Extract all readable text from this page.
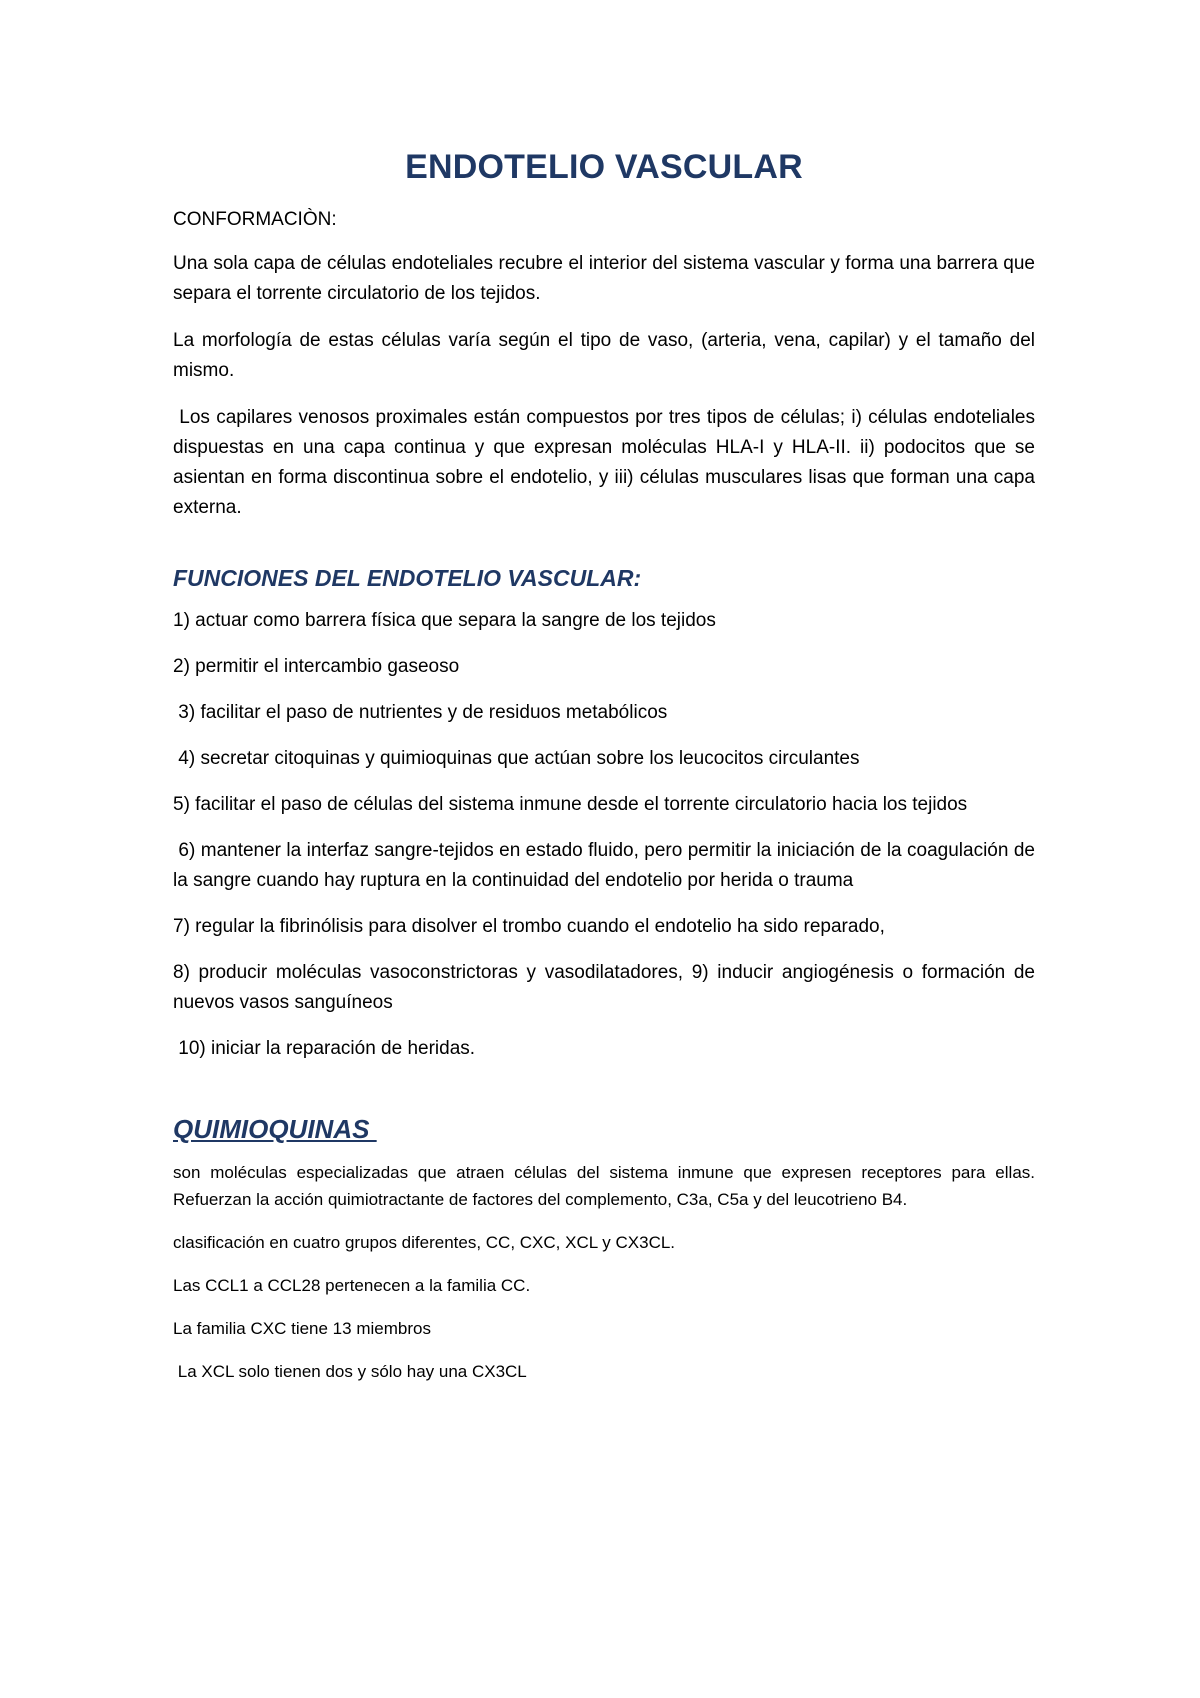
ENDOTELIO VASCULAR
CONFORMACIÒN:

Una sola capa de células endoteliales recubre el interior del sistema vascular y forma una barrera que separa el torrente circulatorio de los tejidos.

La morfología de estas células varía según el tipo de vaso, (arteria, vena, capilar) y el tamaño del mismo.

Los capilares venosos proximales están compuestos por tres tipos de células; i) células endoteliales dispuestas en una capa continua y que expresan moléculas HLA-I y HLA-II. ii) podocitos que se asientan en forma discontinua sobre el endotelio, y iii) células musculares lisas que forman una capa externa.

FUNCIONES DEL ENDOTELIO VASCULAR:

1) actuar como barrera física que separa la sangre de los tejidos

2) permitir el intercambio gaseoso

3) facilitar el paso de nutrientes y de residuos metabólicos

4) secretar citoquinas y quimioquinas que actúan sobre los leucocitos circulantes

5) facilitar el paso de células del sistema inmune desde el torrente circulatorio hacia los tejidos

6) mantener la interfaz sangre-tejidos en estado fluido, pero permitir la iniciación de la coagulación de la sangre cuando hay ruptura en la continuidad del endotelio por herida o trauma

7) regular la fibrinólisis para disolver el trombo cuando el endotelio ha sido reparado,

8) producir moléculas vasoconstrictoras y vasodilatadores, 9) inducir angiogénesis o formación de nuevos vasos sanguíneos

10) iniciar la reparación de heridas.

QUIMIOQUINAS

son moléculas especializadas que atraen células del sistema inmune que expresen receptores para ellas. Refuerzan la acción quimiotractante de factores del complemento, C3a, C5a y del leucotrieno B4.

clasificación en cuatro grupos diferentes, CC, CXC, XCL y CX3CL.

Las CCL1 a CCL28 pertenecen a la familia CC.

La familia CXC tiene 13 miembros

La XCL solo tienen dos y sólo hay una CX3CL
